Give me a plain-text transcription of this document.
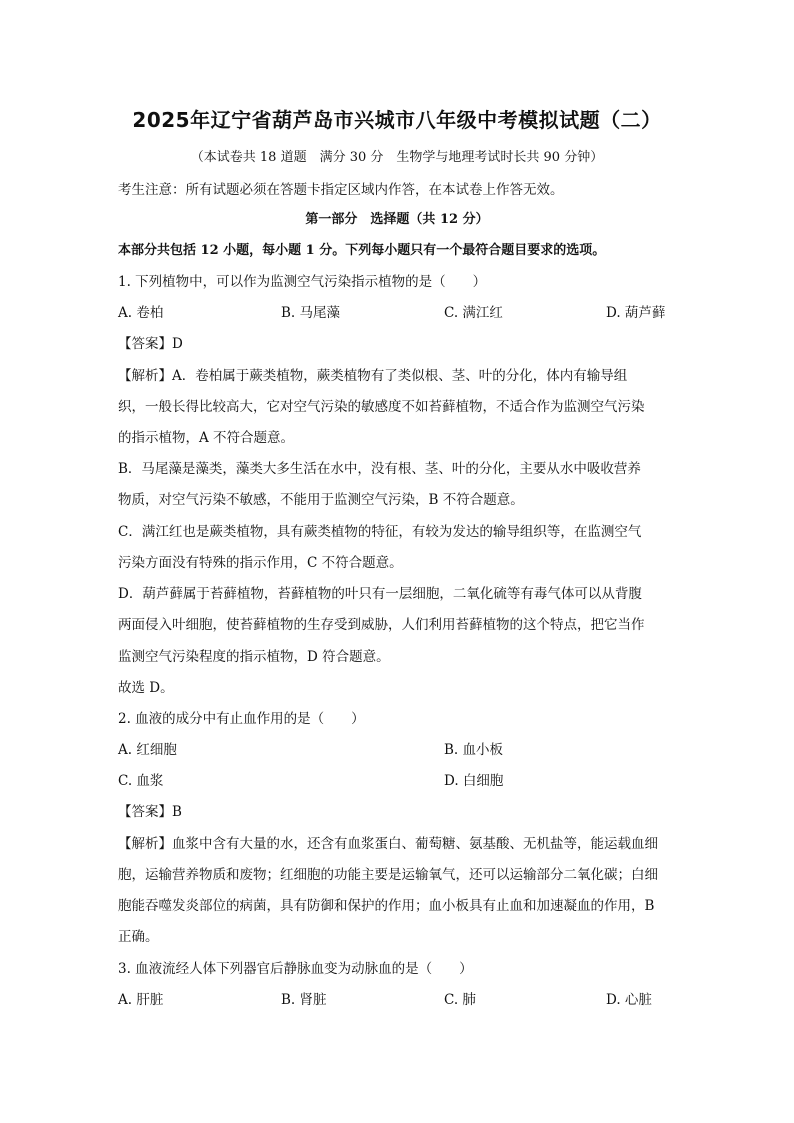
2025年辽宁省葫芦岛市兴城市八年级中考模拟试题（二）
（本试卷共 18 道题　满分 30 分　生物学与地理考试时长共 90 分钟）
考生注意：所有试题必须在答题卡指定区域内作答，在本试卷上作答无效。
第一部分　选择题（共 12 分）
本部分共包括 12 小题，每小题 1 分。下列每小题只有一个最符合题目要求的选项。
1. 下列植物中，可以作为监测空气污染指示植物的是（　　）
A. 卷柏	B. 马尾藻	C. 满江红	D. 葫芦藓
【答案】D
【解析】A．卷柏属于蕨类植物，蕨类植物有了类似根、茎、叶的分化，体内有输导组
织，一般长得比较高大，它对空气污染的敏感度不如苔藓植物，不适合作为监测空气污染
的指示植物，A 不符合题意。
B．马尾藻是藻类，藻类大多生活在水中，没有根、茎、叶的分化，主要从水中吸收营养
物质，对空气污染不敏感，不能用于监测空气污染，B 不符合题意。
C．满江红也是蕨类植物，具有蕨类植物的特征，有较为发达的输导组织等，在监测空气
污染方面没有特殊的指示作用，C 不符合题意。
D．葫芦藓属于苔藓植物，苔藓植物的叶只有一层细胞，二氧化硫等有毒气体可以从背腹
两面侵入叶细胞，使苔藓植物的生存受到威胁，人们利用苔藓植物的这个特点，把它当作
监测空气污染程度的指示植物，D 符合题意。
故选 D。
2. 血液的成分中有止血作用的是（　　）
A. 红细胞	B. 血小板
C. 血浆	D. 白细胞
【答案】B
【解析】血浆中含有大量的水，还含有血浆蛋白、葡萄糖、氨基酸、无机盐等，能运载血细
胞，运输营养物质和废物；红细胞的功能主要是运输氧气，还可以运输部分二氧化碳；白细
胞能吞噬发炎部位的病菌，具有防御和保护的作用；血小板具有止血和加速凝血的作用，B
正确。
3. 血液流经人体下列器官后静脉血变为动脉血的是（　　）
A. 肝脏	B. 肾脏	C. 肺	D. 心脏
